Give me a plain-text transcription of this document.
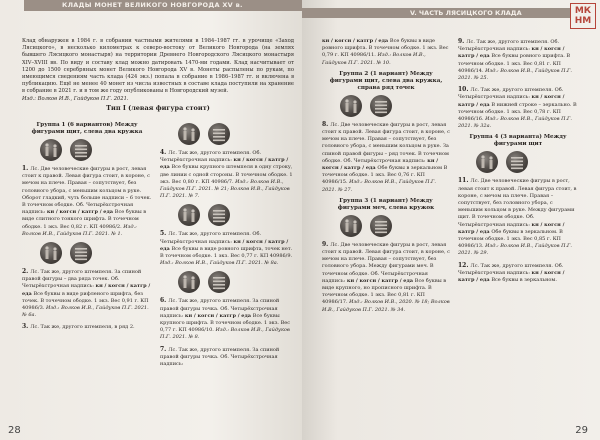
КЛАДЫ МОНЕТ ВЕЛИКОГО НОВГОРОДА XV в.

Клад обнаружен в 1984 г. в собрании частными жителями в 1984–1987 гг. в урочище «Заход Лясицкого», в несколько километрах к северо-востоку от Великого Новгорода (на землях бывшего Лясицкого монастыря) на территории Древнего Новгородского Лясицкого монастыря XIV–XVIII вв. По виду и составу клад можно датировать 1470-ми годами. Клад насчитывает от 1200 до 1500 серебряных монет Великого Новгорода XV в. Монеты распылены по рукам, по имеющимся сведениям часть клада (424 экз.) попала в собрание в 1986–1987 гг. и включена в публикацию. Ещё не менее 40 монет из числа известных в составе клада поступили на хранение в собрание в 2021 г. и в том же году опубликованы в Новгородский музей.

Изд.: Волков И.В., Гайдуков П.Г. 2021.

Тип I (левая фигура стоит)
Группа 1 (6 вариантов) Между фигурами щит, слева два кружка
1. Лс. Две человеческие фигуры в рост, левая стоит к правой. Левая фигура стоит, в короне, с мечом на плече. Правая – сопутствует, без головного убора, с меньшим кольцом в руке. Оборот гладкий, чуть больше надписи – 6 точек. В точечном ободке. Об. Четырёхстрочная надпись: кн / когсн / катгр / еда Все буквы в виде слитного тонкого шрифта. В точечном ободке. 1 экз. Вес 0,82 г. КП 40986/2. Изд.: Волков И.В., Гайдуков П.Г. 2021. № 1.
2. Лс. Так же, другого штемпеля. За спиной правой фигуры – два ряда точек. Об. Четырёхстрочная надпись: кн / когсн / катгр / еда Все буквы в виде рифленого шрифта, без точек. В точечном ободке. 1 экз. Вес 0,91 г. КП 40986/3. Изд.: Волков И.В., Гайдуков П.Г. 2021. № 6а.
3. Лс. Так же, другого штемпеля, в ряд 2.
4. Лс. Так же, другого штемпеля. Об. Четырёхстрочная надпись: кн / когсн / катгр / еда Все буквы крупного штемпеля в одну строку, две линии с одной стороны. В точечном ободке. 1 экз. Вес 0,80 г. КП 40986/7. Изд.: Волков И.В., Гайдуков П.Г. 2021. № 21; Волков И.В., Гайдуков П.Г. 2021. № 7.
5. Лс. Так же, другого штемпеля. Об. Четырёхстрочная надпись: кн / когсн / катгр / еда Все буквы в виде ровного шрифта, точек нет. В точечном ободке. 1 экз. Вес 0,77 г. КП 40986/9. Изд.: Волков И.В., Гайдуков П.Г. 2021. № 8а.
6. Лс. Так же, другого штемпеля. За спиной правой фигуры точка. Об. Четырёхстрочная надпись: кн / когсн / катгр / еда Все буквы крупного шрифта. В точечном ободке. 1 экз. Вес 0,77 г. КП 40986/10. Изд.: Волков И.В., Гайдуков П.Г. 2021. № 8.
7. Лс. Так же, другого штемпеля. За спиной правой фигуры точка. Об. Четырёхстрочная надпись:
28
V. ЧАСТЬ ЛЯСИЦКОГО КЛАДА	МК
НМ
кн / когсн / катгр / еда Все буквы в виде ровного шрифта. В точечном ободке. 1 экз. Вес 0,79 г. КП 40986/11. Изд.: Волков И.В., Гайдуков П.Г. 2021. № 10.
Группа 2 (1 вариант) Между фигурами щит, слева два кружка, справа ряд точек
8. Лс. Две человеческие фигуры в рост, левая стоит к правой. Левая фигура стоит, в короне, с мечом на плече. Правая – сопутствует, без головного убора, с меньшим кольцом в руке. За спиной правой фигуры – ряд точек. В точечном ободке. Об. Четырёхстрочная надпись: кн / когсн / катгр / еда Обе буквы в зеркальном В точечном ободке. 1 экз. Вес 0,76 г. КП 40986/15. Изд.: Волков И.В., Гайдуков П.Г. 2021. № 27.
Группа 3 (1 вариант) Между фигурами меч, слева кружок
9. Лс. Две человеческие фигуры в рост, левая стоит к правой. Левая фигура стоит, в короне, с мечом на плече. Правая – сопутствует, без головного убора. Между фигурами меч. В точечном ободке. Об. Четырёхстрочная надпись: кн / когсн / катгр / еда Все буквы в виде крупного, но прописного шрифта. В точечном ободке. 1 экз. Вес 0,81 г. КП 40986/17. Изд.: Волков И.В., 2020. № 18; Волков И.В., Гайдуков П.Г. 2021. № 34.
9. Лс. Так же, другого штемпеля. Об. Четырёхстрочная надпись: кн / когсн / катгр / еда Все буквы ровного шрифта. В точечном ободке. 1 экз. Вес 0,81 г. КП 40986/14. Изд.: Волков И.В., Гайдуков П.Г. 2021. № 25.
10. Лс. Так же, другого штемпеля. Об. Четырёхстрочная надпись: кн / когсн / катгр / еда В нижней строке – зеркально. В точечном ободке. 1 экз. Вес 0,78 г. КП 40986/16. Изд.: Волков И.В., Гайдуков П.Г. 2021. № 32а.
Группа 4 (3 варианта) Между фигурами щит
11. Лс. Две человеческие фигуры в рост, левая стоит к правой. Левая фигура стоит, в короне, с мечом на плече. Правая – сопутствует, без головного убора, с меньшим кольцом в руке. Между фигурами щит. В точечном ободке. Об. Четырёхстрочная надпись: кн / когсн / катгр / еда Обе буквы в зеркальном. В точечном ободке. 1 экз. Вес 0,85 г. КП 40986/13. Изд.: Волков И.В., Гайдуков П.Г. 2021. № 29.
12. Лс. Так же, другого штемпеля. Об. Четырёхстрочная надпись: кн / когсн / катгр / еда Все буквы в зеркальном.
29
